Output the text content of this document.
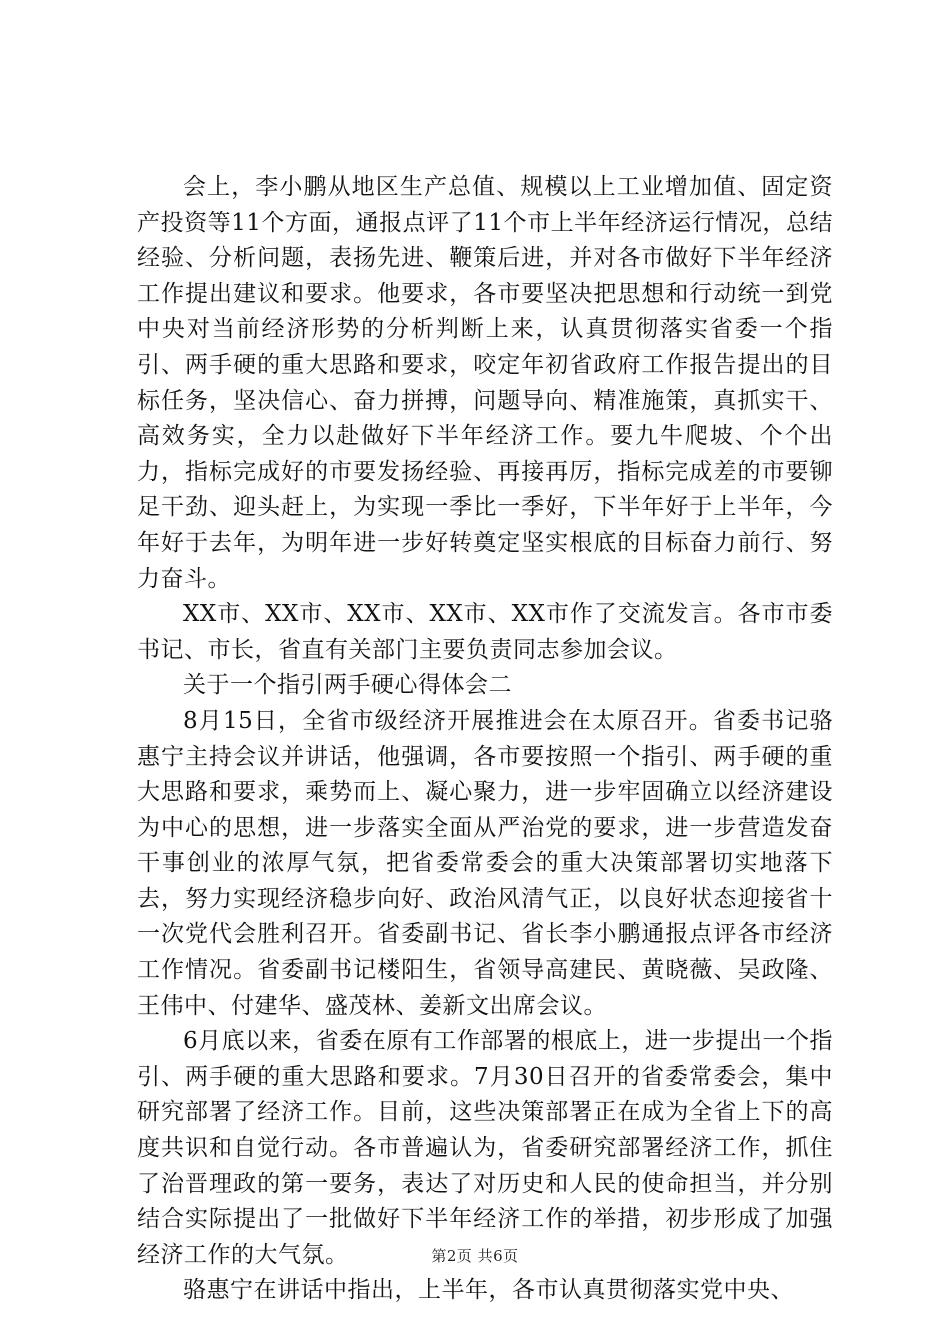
会上，李小鹏从地区生产总值、规模以上工业增加值、固定资产投资等11个方面，通报点评了11个市上半年经济运行情况，总结经验、分析问题，表扬先进、鞭策后进，并对各市做好下半年经济工作提出建议和要求。他要求，各市要坚决把思想和行动统一到党中央对当前经济形势的分析判断上来，认真贯彻落实省委一个指引、两手硬的重大思路和要求，咬定年初省政府工作报告提出的目标任务，坚决信心、奋力拼搏，问题导向、精准施策，真抓实干、高效务实，全力以赴做好下半年经济工作。要九牛爬坡、个个出力，指标完成好的市要发扬经验、再接再厉，指标完成差的市要铆足干劲、迎头赶上，为实现一季比一季好，下半年好于上半年，今年好于去年，为明年进一步好转奠定坚实根底的目标奋力前行、努力奋斗。

XX市、XX市、XX市、XX市、XX市作了交流发言。各市市委书记、市长，省直有关部门主要负责同志参加会议。

关于一个指引两手硬心得体会二

8月15日，全省市级经济开展推进会在太原召开。省委书记骆惠宁主持会议并讲话，他强调，各市要按照一个指引、两手硬的重大思路和要求，乘势而上、凝心聚力，进一步牢固确立以经济建设为中心的思想，进一步落实全面从严治党的要求，进一步营造发奋干事创业的浓厚气氛，把省委常委会的重大决策部署切实地落下去，努力实现经济稳步向好、政治风清气正，以良好状态迎接省十一次党代会胜利召开。省委副书记、省长李小鹏通报点评各市经济工作情况。省委副书记楼阳生，省领导高建民、黄晓薇、吴政隆、王伟中、付建华、盛茂林、姜新文出席会议。

6月底以来，省委在原有工作部署的根底上，进一步提出一个指引、两手硬的重大思路和要求。7月30日召开的省委常委会，集中研究部署了经济工作。目前，这些决策部署正在成为全省上下的高度共识和自觉行动。各市普遍认为，省委研究部署经济工作，抓住了治晋理政的第一要务，表达了对历史和人民的使命担当，并分别结合实际提出了一批做好下半年经济工作的举措，初步形成了加强经济工作的大气氛。

骆惠宁在讲话中指出，上半年，各市认真贯彻落实党中央、

第2页 共6页
